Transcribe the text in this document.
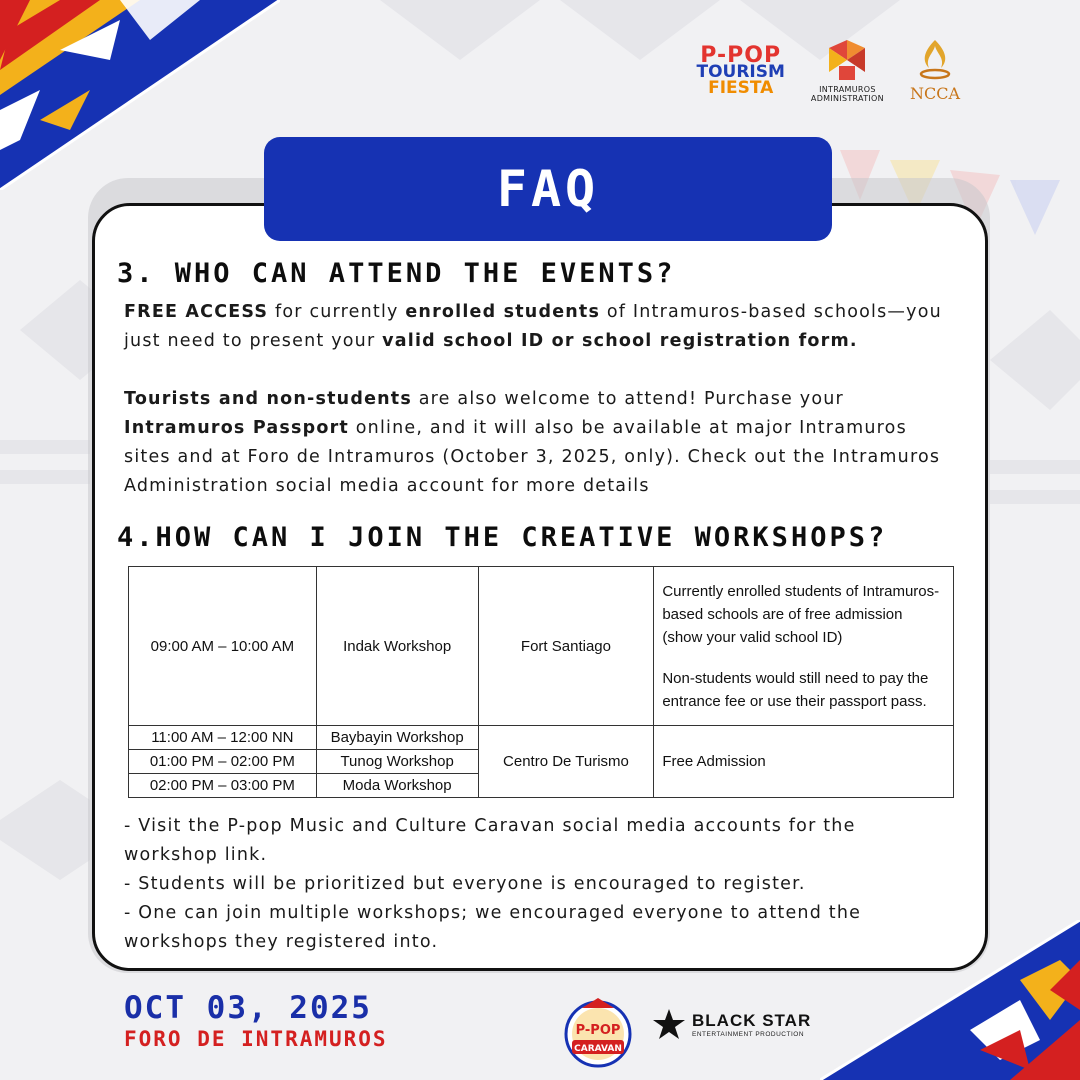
P-POP
TOURISM
FIESTA	INTRAMUROS
ADMINISTRATION NCCA
FAQ
3. WHO CAN ATTEND THE EVENTS?
FREE ACCESS for currently enrolled students of Intramuros-based schools—you just need to present your valid school ID or school registration form.
Tourists and non-students are also welcome to attend! Purchase your Intramuros Passport online, and it will also be available at major Intramuros sites and at Foro de Intramuros (October 3, 2025, only). Check out the Intramuros Administration social media account for more details
4.HOW CAN I JOIN THE CREATIVE WORKSHOPS?
09:00 AM – 10:00 AM	Indak Workshop	Fort Santiago	Currently enrolled students of Intramuros-based schools are of free admission (show your valid school ID)
Non-students would still need to pay the entrance fee or use their passport pass.

11:00 AM – 12:00 NN	Baybayin Workshop	Centro De Turismo	Free Admission
01:00 PM – 02:00 PM	Tunog Workshop		
02:00 PM – 03:00 PM	Moda Workshop		
- Visit the P-pop Music and Culture Caravan social media accounts for the workshop link.
- Students will be prioritized but everyone is encouraged to register.
- One can join multiple workshops; we encouraged everyone to attend the workshops they registered into.
OCT 03, 2025
FORO DE INTRAMUROS	P-POP
CARAVAN
BLACK STAR
ENTERTAINMENT PRODUCTION
